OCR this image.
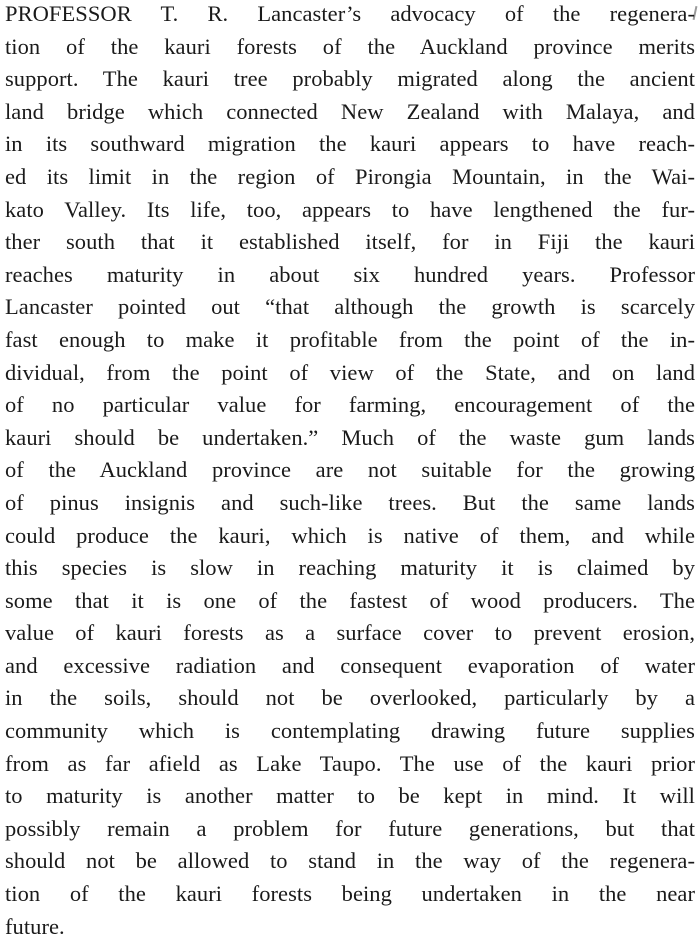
PROFESSOR T. R. Lancaster’s advocacy of the regenera-
tion of the kauri forests of the Auckland province merits
support. The kauri tree probably migrated along the ancient
land bridge which connected New Zealand with Malaya, and
in its southward migration the kauri appears to have reach-
ed its limit in the region of Pirongia Mountain, in the Wai-
kato Valley. Its life, too, appears to have lengthened the fur-
ther south that it established itself, for in Fiji the kauri
reaches maturity in about six hundred years. Professor
Lancaster pointed out “that although the growth is scarcely
fast enough to make it profitable from the point of the in-
dividual, from the point of view of the State, and on land
of no particular value for farming, encouragement of the
kauri should be undertaken.” Much of the waste gum lands
of the Auckland province are not suitable for the growing
of pinus insignis and such-like trees. But the same lands
could produce the kauri, which is native of them, and while
this species is slow in reaching maturity it is claimed by
some that it is one of the fastest of wood producers. The
value of kauri forests as a surface cover to prevent erosion,
and excessive radiation and consequent evaporation of water
in the soils, should not be overlooked, particularly by a
community which is contemplating drawing future supplies
from as far afield as Lake Taupo. The use of the kauri prior
to maturity is another matter to be kept in mind. It will
possibly remain a problem for future generations, but that
should not be allowed to stand in the way of the regenera-
tion of the kauri forests being undertaken in the near
future.
